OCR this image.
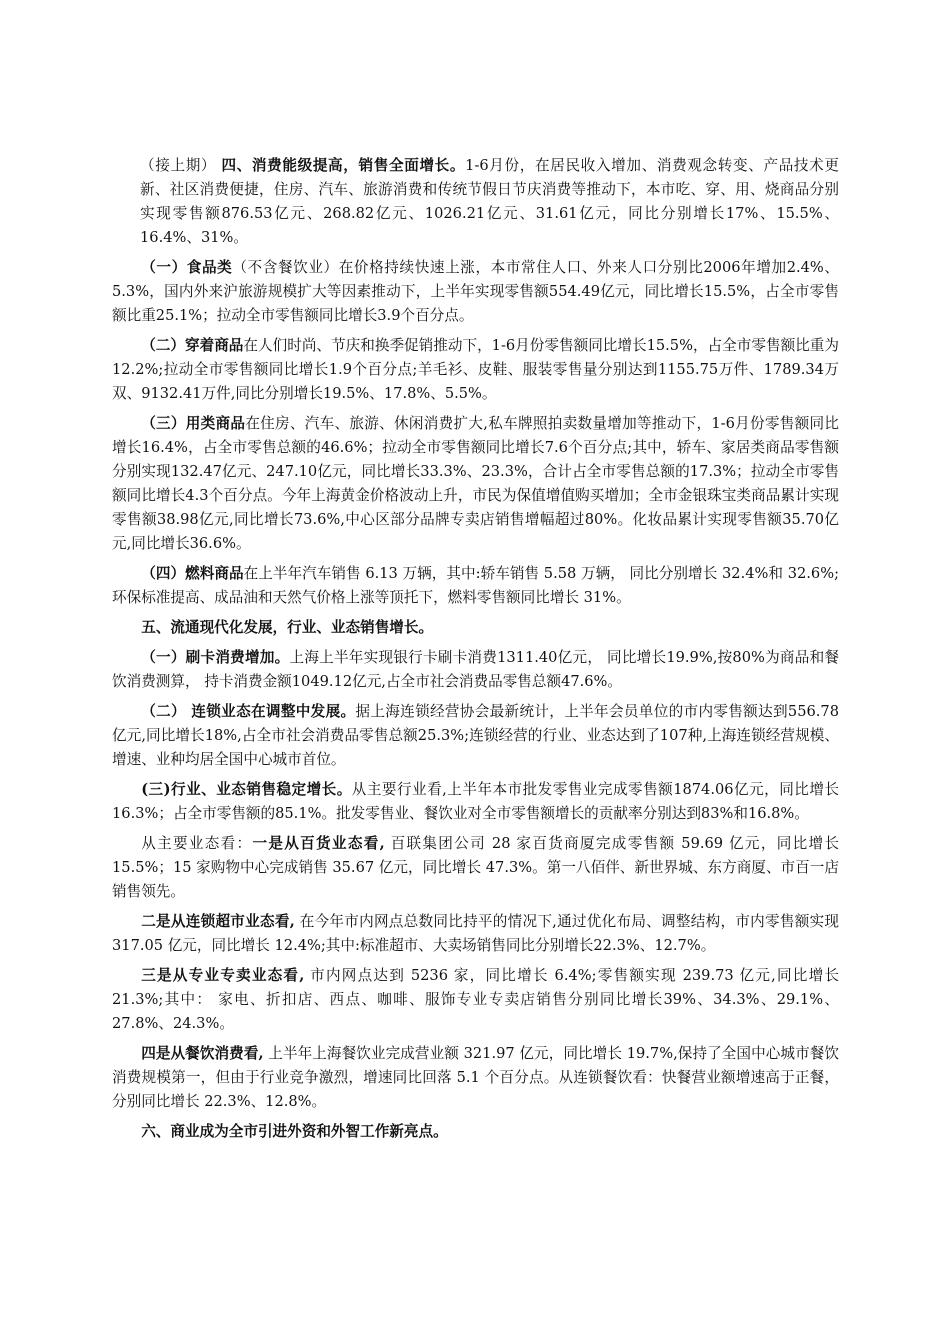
（接上期） 四、消费能级提高，销售全面增长。1-6月份，在居民收入增加、消费观念转变、产品技术更新、社区消费便捷，住房、汽车、旅游消费和传统节假日节庆消费等推动下，本市吃、穿、用、烧商品分别实现零售额876.53亿元、268.82亿元、1026.21亿元、31.61亿元，同比分别增长17%、15.5%、16.4%、31%。

（一）食品类（不含餐饮业）在价格持续快速上涨，本市常住人口、外来人口分别比2006年增加2.4%、5.3%，国内外来沪旅游规模扩大等因素推动下，上半年实现零售额554.49亿元，同比增长15.5%，占全市零售额比重25.1%；拉动全市零售额同比增长3.9个百分点。

（二）穿着商品在人们时尚、节庆和换季促销推动下，1-6月份零售额同比增长15.5%，占全市零售额比重为12.2%;拉动全市零售额同比增长1.9个百分点;羊毛衫、皮鞋、服装零售量分别达到1155.75万件、1789.34万双、9132.41万件,同比分别增长19.5%、17.8%、5.5%。

（三）用类商品在住房、汽车、旅游、休闲消费扩大,私车牌照拍卖数量增加等推动下，1-6月份零售额同比增长16.4%，占全市零售总额的46.6%；拉动全市零售额同比增长7.6个百分点;其中，轿车、家居类商品零售额分别实现132.47亿元、247.10亿元，同比增长33.3%、23.3%，合计占全市零售总额的17.3%；拉动全市零售额同比增长4.3个百分点。今年上海黄金价格波动上升，市民为保值增值购买增加；全市金银珠宝类商品累计实现零售额38.98亿元,同比增长73.6%,中心区部分品牌专卖店销售增幅超过80%。化妆品累计实现零售额35.70亿元,同比增长36.6%。

（四）燃料商品在上半年汽车销售 6.13 万辆，其中:轿车销售 5.58 万辆， 同比分别增长 32.4%和 32.6%;环保标准提高、成品油和天然气价格上涨等顶托下，燃料零售额同比增长 31%。

五、流通现代化发展，行业、业态销售增长。

（一）刷卡消费增加。上海上半年实现银行卡刷卡消费1311.40亿元， 同比增长19.9%,按80%为商品和餐饮消费测算， 持卡消费金额1049.12亿元,占全市社会消费品零售总额47.6%。

（二） 连锁业态在调整中发展。据上海连锁经营协会最新统计，上半年会员单位的市内零售额达到556.78亿元,同比增长18%,占全市社会消费品零售总额25.3%;连锁经营的行业、业态达到了107种,上海连锁经营规模、增速、业种均居全国中心城市首位。

(三)行业、业态销售稳定增长。从主要行业看,上半年本市批发零售业完成零售额1874.06亿元，同比增长16.3%；占全市零售额的85.1%。批发零售业、餐饮业对全市零售额增长的贡献率分别达到83%和16.8%。

从主要业态看：一是从百货业态看, 百联集团公司 28 家百货商厦完成零售额 59.69 亿元，同比增长 15.5%；15 家购物中心完成销售 35.67 亿元，同比增长 47.3%。第一八佰伴、新世界城、东方商厦、市百一店销售领先。

二是从连锁超市业态看, 在今年市内网点总数同比持平的情况下,通过优化布局、调整结构，市内零售额实现 317.05 亿元，同比增长 12.4%;其中:标准超市、大卖场销售同比分别增长22.3%、12.7%。

三是从专业专卖业态看, 市内网点达到 5236 家，同比增长 6.4%;零售额实现 239.73 亿元,同比增长 21.3%;其中： 家电、折扣店、西点、咖啡、服饰专业专卖店销售分别同比增长39%、34.3%、29.1%、27.8%、24.3%。

四是从餐饮消费看, 上半年上海餐饮业完成营业额 321.97 亿元，同比增长 19.7%,保持了全国中心城市餐饮消费规模第一，但由于行业竞争激烈，增速同比回落 5.1 个百分点。从连锁餐饮看：快餐营业额增速高于正餐，分别同比增长 22.3%、12.8%。

六、商业成为全市引进外资和外智工作新亮点。
